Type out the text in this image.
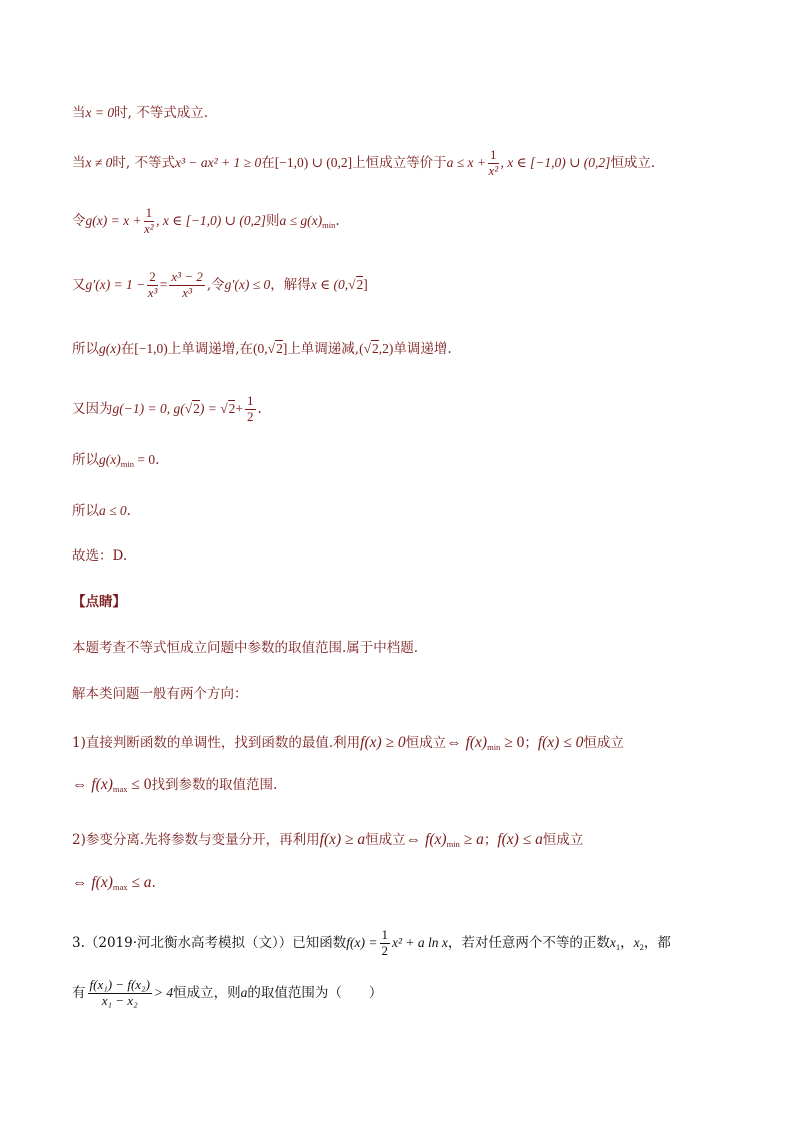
当x = 0时, 不等式成立.
当x ≠ 0时, 不等式x³ − ax² + 1 ≥ 0在[−1,0) ∪ (0,2]上恒成立等价于$a \le x + \frac{1}{\text{x²}}$ , x ∈ [−1,0) ∪ (0,2]恒成立.
令$g(x) = x + \frac{1}{\text{x²}}$ , x ∈ [−1,0) ∪ (0,2]则$a \le g(x)_{min}$.
又$g'(x) = 1 - \frac{2}{\text{x³}} = \frac{\text{x³ − 2}}{\text{x³}}$ ,令g′(x) ≤ 0，解得x ∈ (0,√2]
所以g(x)在[−1,0)上单调递增,在(0,√2]上单调递减,(√2,2)单调递增.
又因为g(−1) = 0, $g(√2) = √2+ \frac{1}{2}$ .
所以$g(x)_{min} = 0$.
所以a ≤ 0.
故选：D.
【点睛】
本题考查不等式恒成立问题中参数的取值范围.属于中档题.
解本类问题一般有两个方向：
1)直接判断函数的单调性，找到函数的最值.利用f(x) ≥ 0恒成立⇔ $f(x)_{min} \ge 0$；f(x) ≤ 0恒成立
⇔ $f(x)_{max} \le 0$找到参数的取值范围.
2)参变分离.先将参数与变量分开，再利用f(x) ≥ a恒成立⇔ $f(x)_{min} \ge a$；f(x) ≤ a恒成立
⇔ $f(x)_{max} \le a$.
3.（2019·河北衡水高考模拟（文））已知函数$f(x) = \frac{1}{2} x^2 + a$ ln x，若对任意两个不等的正数$x_1$，$x_2$，都
有 $\frac{\text{f(x₁) − f(x₂)}}{\text{x₁ − x₂}} > 4$恒成立，则a的取值范围为（　　）
